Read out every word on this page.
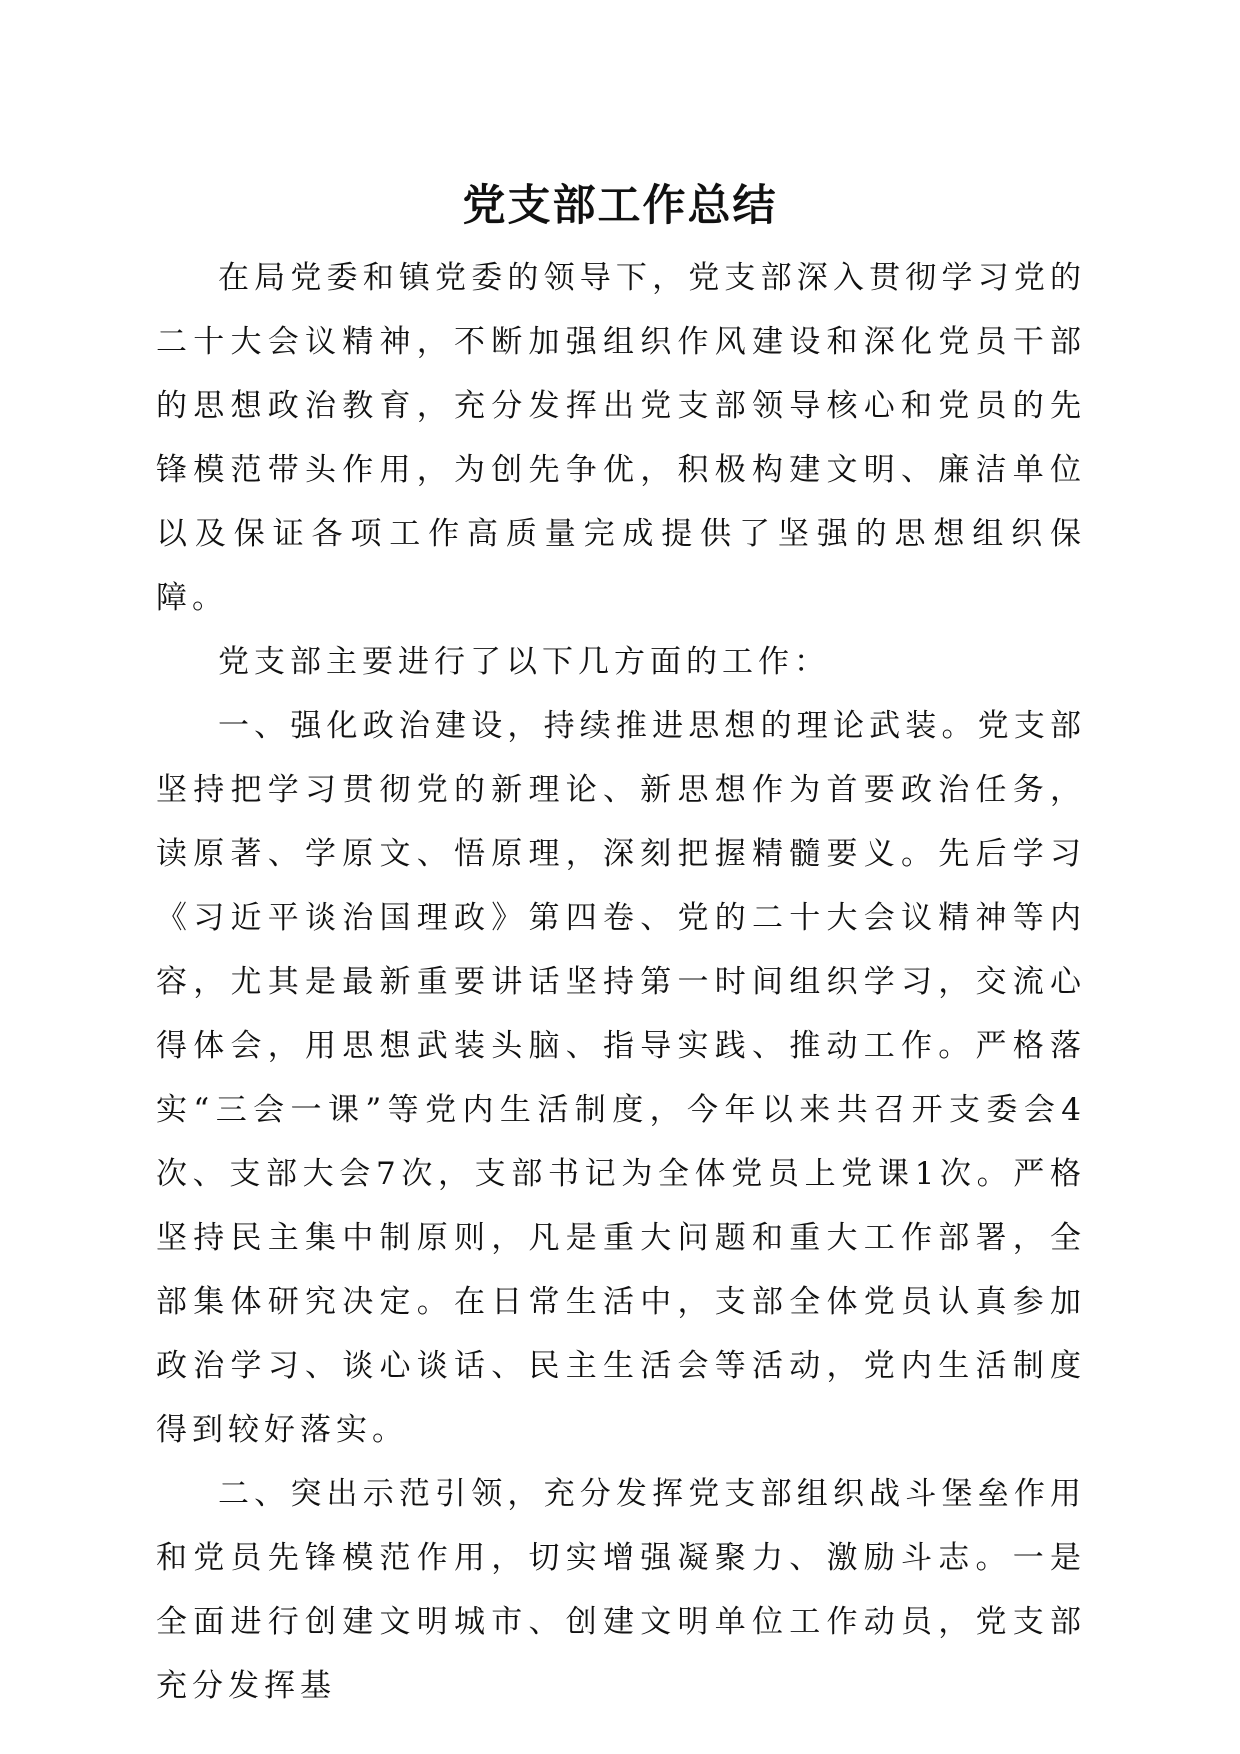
党支部工作总结

在局党委和镇党委的领导下，党支部深入贯彻学习党的二十大会议精神，不断加强组织作风建设和深化党员干部的思想政治教育，充分发挥出党支部领导核心和党员的先锋模范带头作用，为创先争优，积极构建文明、廉洁单位以及保证各项工作高质量完成提供了坚强的思想组织保障。

党支部主要进行了以下几方面的工作：

一、强化政治建设，持续推进思想的理论武装。党支部坚持把学习贯彻党的新理论、新思想作为首要政治任务，读原著、学原文、悟原理，深刻把握精髓要义。先后学习《习近平谈治国理政》第四卷、党的二十大会议精神等内容，尤其是最新重要讲话坚持第一时间组织学习，交流心得体会，用思想武装头脑、指导实践、推动工作。严格落实“三会一课”等党内生活制度，今年以来共召开支委会4次、支部大会7次，支部书记为全体党员上党课1次。严格坚持民主集中制原则，凡是重大问题和重大工作部署，全部集体研究决定。在日常生活中，支部全体党员认真参加政治学习、谈心谈话、民主生活会等活动，党内生活制度得到较好落实。

二、突出示范引领，充分发挥党支部组织战斗堡垒作用和党员先锋模范作用，切实增强凝聚力、激励斗志。一是全面进行创建文明城市、创建文明单位工作动员，党支部充分发挥基
